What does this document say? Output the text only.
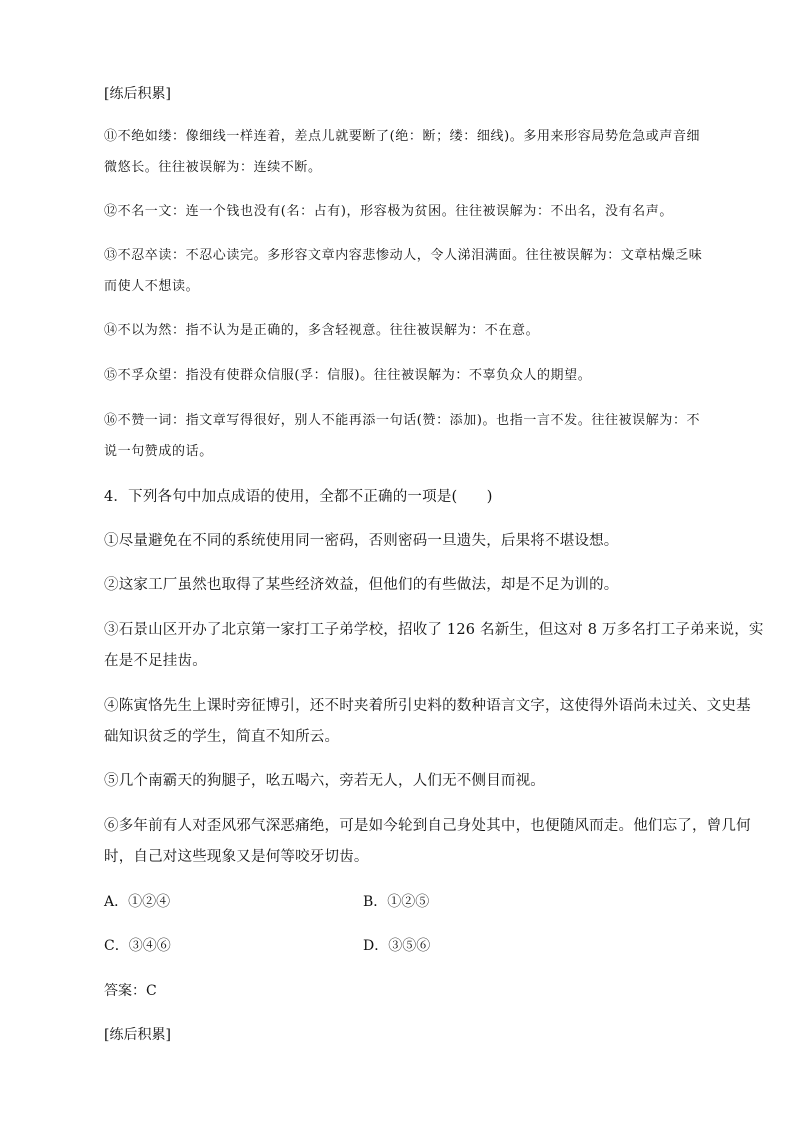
[练后积累]
⑪不绝如缕：像细线一样连着，差点儿就要断了(绝：断；缕：细线)。多用来形容局势危急或声音细
微悠长。往往被误解为：连续不断。
⑫不名一文：连一个钱也没有(名：占有)，形容极为贫困。往往被误解为：不出名，没有名声。
⑬不忍卒读：不忍心读完。多形容文章内容悲惨动人，令人涕泪满面。往往被误解为：文章枯燥乏味
而使人不想读。
⑭不以为然：指不认为是正确的，多含轻视意。往往被误解为：不在意。
⑮不孚众望：指没有使群众信服(孚：信服)。往往被误解为：不辜负众人的期望。
⑯不赞一词：指文章写得很好，别人不能再添一句话(赞：添加)。也指一言不发。往往被误解为：不
说一句赞成的话。
4．下列各句中加点成语的使用，全都不正确的一项是(　　)
①尽量避免在不同的系统使用同一密码，否则密码一旦遗失，后果将不堪设想。
②这家工厂虽然也取得了某些经济效益，但他们的有些做法，却是不足为训的。
③石景山区开办了北京第一家打工子弟学校，招收了 126 名新生，但这对 8 万多名打工子弟来说，实
在是不足挂齿。
④陈寅恪先生上课时旁征博引，还不时夹着所引史料的数种语言文字，这使得外语尚未过关、文史基
础知识贫乏的学生，简直不知所云。
⑤几个南霸天的狗腿子，吆五喝六，旁若无人，人们无不侧目而视。
⑥多年前有人对歪风邪气深恶痛绝，可是如今轮到自己身处其中，也便随风而走。他们忘了，曾几何
时，自己对这些现象又是何等咬牙切齿。
A．①②④	B．①②⑤
C．③④⑥	D．③⑤⑥
答案：C
[练后积累]
